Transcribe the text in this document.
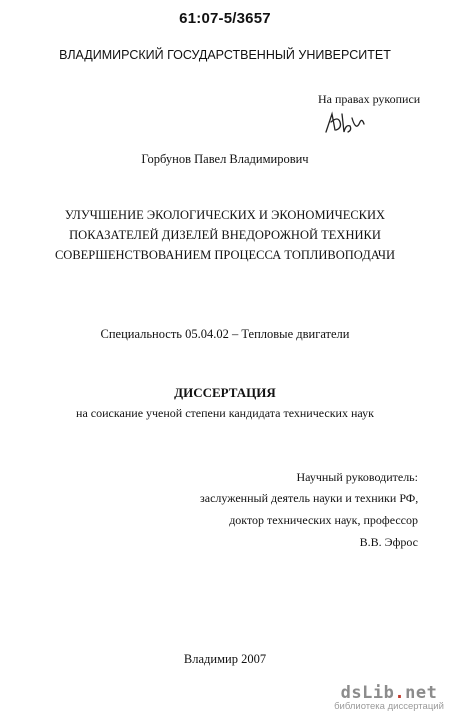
61:07-5/3657
ВЛАДИМИРСКИЙ ГОСУДАРСТВЕННЫЙ УНИВЕРСИТЕТ
На правах рукописи
Горбунов Павел Владимирович
УЛУЧШЕНИЕ ЭКОЛОГИЧЕСКИХ И ЭКОНОМИЧЕСКИХ
ПОКАЗАТЕЛЕЙ ДИЗЕЛЕЙ ВНЕДОРОЖНОЙ ТЕХНИКИ
СОВЕРШЕНСТВОВАНИЕМ ПРОЦЕССА ТОПЛИВОПОДАЧИ
Специальность 05.04.02 – Тепловые двигатели
ДИССЕРТАЦИЯ
на соискание ученой степени кандидата технических наук
Научный руководитель:
заслуженный деятель науки и техники РФ,
доктор технических наук, профессор
В.В. Эфрос
Владимир 2007
dsLib.net
библиотека диссертаций
